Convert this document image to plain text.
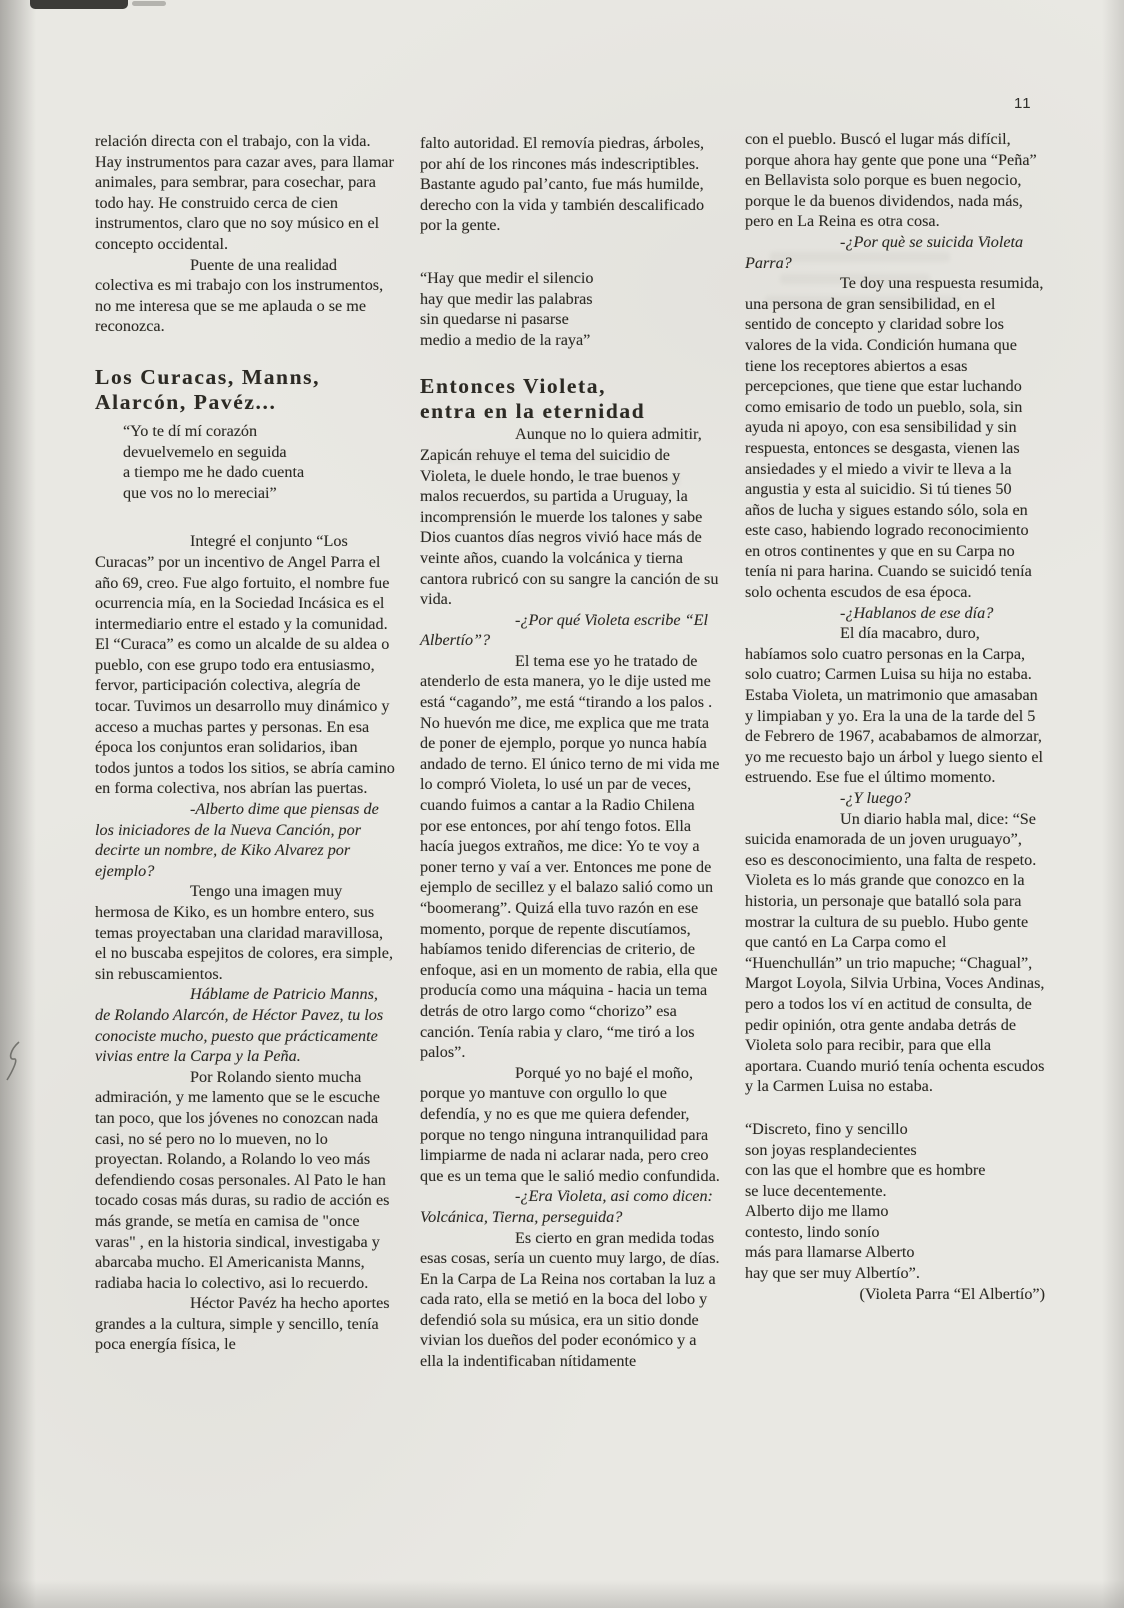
11

relación directa con el trabajo, con la vida. Hay instrumentos para cazar aves, para llamar animales, para sembrar, para cosechar, para todo hay. He construido cerca de cien instrumentos, claro que no soy músico en el concepto occidental.

Puente de una realidad colectiva es mi trabajo con los instrumentos, no me interesa que se me aplauda o se me reconozca.

Los Curacas, Manns,
Alarcón, Pavéz...
“Yo te dí mí corazón
devuelvemelo en seguida
a tiempo me he dado cuenta
que vos no lo mereciai”

Integré el conjunto “Los Curacas” por un incentivo de Angel Parra el año 69, creo. Fue algo fortuito, el nombre fue ocurrencia mía, en la Sociedad Incásica es el intermediario entre el estado y la comunidad. El “Curaca” es como un alcalde de su aldea o pueblo, con ese grupo todo era entusiasmo, fervor, participación colectiva, alegría de tocar. Tuvimos un desarrollo muy dinámico y acceso a muchas partes y personas. En esa época los conjuntos eran solidarios, iban todos juntos a todos los sitios, se abría camino en forma colectiva, nos abrían las puertas.

-Alberto dime que piensas de los iniciadores de la Nueva Canción, por decirte un nombre, de Kiko Alvarez por ejemplo?

Tengo una imagen muy hermosa de Kiko, es un hombre entero, sus temas proyectaban una claridad maravillosa, el no buscaba espejitos de colores, era simple, sin rebuscamientos.

Háblame de Patricio Manns, de Rolando Alarcón, de Héctor Pavez, tu los conociste mucho, puesto que prácticamente vivias entre la Carpa y la Peña.

Por Rolando siento mucha admiración, y me lamento que se le escuche tan poco, que los jóvenes no conozcan nada casi, no sé pero no lo mueven, no lo proyectan. Rolando, a Rolando lo veo más defendiendo cosas personales. Al Pato le han tocado cosas más duras, su radio de acción es más grande, se metía en camisa de "once varas" , en la historia sindical, investigaba y abarcaba mucho. El Americanista Manns, radiaba hacia lo colectivo, asi lo recuerdo.

Héctor Pavéz ha hecho aportes grandes a la cultura, simple y sencillo, tenía poca energía física, le

falto autoridad. El removía piedras, árboles, por ahí de los rincones más indescriptibles. Bastante agudo pal’canto, fue más humilde, derecho con la vida y también descalificado por la gente.

“Hay que medir el silencio
hay que medir las palabras
sin quedarse ni pasarse
medio a medio de la raya”
Entonces Violeta,
entra en la eternidad

Aunque no lo quiera admitir, Zapicán rehuye el tema del suicidio de Violeta, le duele hondo, le trae buenos y malos recuerdos, su partida a Uruguay, la incomprensión le muerde los talones y sabe Dios cuantos días negros vivió hace más de veinte años, cuando la volcánica y tierna cantora rubricó con su sangre la canción de su vida.

-¿Por qué Violeta escribe “El Albertío”?

El tema ese yo he tratado de atenderlo de esta manera, yo le dije usted me está “cagando”, me está “tirando a los palos . No huevón me dice, me explica que me trata de poner de ejemplo, porque yo nunca había andado de terno. El único terno de mi vida me lo compró Violeta, lo usé un par de veces, cuando fuimos a cantar a la Radio Chilena por ese entonces, por ahí tengo fotos. Ella hacía juegos extraños, me dice: Yo te voy a poner terno y vaí a ver. Entonces me pone de ejemplo de secillez y el balazo salió como un “boomerang”. Quizá ella tuvo razón en ese momento, porque de repente discutíamos, habíamos tenido diferencias de criterio, de enfoque, asi en un momento de rabia, ella que producía como una máquina - hacia un tema detrás de otro largo como “chorizo” esa canción. Tenía rabia y claro, “me tiró a los palos”.

Porqué yo no bajé el moño, porque yo mantuve con orgullo lo que defendía, y no es que me quiera defender, porque no tengo ninguna intranquilidad para limpiarme de nada ni aclarar nada, pero creo que es un tema que le salió medio confundida.

-¿Era Violeta, asi como dicen: Volcánica, Tierna, perseguida?

Es cierto en gran medida todas esas cosas, sería un cuento muy largo, de días. En la Carpa de La Reina nos cortaban la luz a cada rato, ella se metió en la boca del lobo y defendió sola su música, era un sitio donde vivian los dueños del poder económico y a ella la indentificaban nítidamente

con el pueblo. Buscó el lugar más difícil, porque ahora hay gente que pone una “Peña” en Bellavista solo porque es buen negocio, porque le da buenos dividendos, nada más, pero en La Reina es otra cosa.

-¿Por què se suicida Violeta Parra?

Te doy una respuesta resumida, una persona de gran sensibilidad, en el sentido de concepto y claridad sobre los valores de la vida. Condición humana que tiene los receptores abiertos a esas percepciones, que tiene que estar luchando como emisario de todo un pueblo, sola, sin ayuda ni apoyo, con esa sensibilidad y sin respuesta, entonces se desgasta, vienen las ansiedades y el miedo a vivir te lleva a la angustia y esta al suicidio. Si tú tienes 50 años de lucha y sigues estando sólo, sola en este caso, habiendo logrado reconocimiento en otros continentes y que en su Carpa no tenía ni para harina. Cuando se suicidó tenía solo ochenta escudos de esa época.

-¿Hablanos de ese día?

El día macabro, duro, habíamos solo cuatro personas en la Carpa, solo cuatro; Carmen Luisa su hija no estaba. Estaba Violeta, un matrimonio que amasaban y limpiaban y yo. Era la una de la tarde del 5 de Febrero de 1967, acababamos de almorzar, yo me recuesto bajo un árbol y luego siento el estruendo. Ese fue el último momento.

-¿Y luego?

Un diario habla mal, dice: “Se suicida enamorada de un joven uruguayo”, eso es desconocimiento, una falta de respeto. Violeta es lo más grande que conozco en la historia, un personaje que batalló sola para mostrar la cultura de su pueblo. Hubo gente que cantó en La Carpa como el “Huenchullán” un trio mapuche; “Chagual”, Margot Loyola, Silvia Urbina, Voces Andinas, pero a todos los ví en actitud de consulta, de pedir opinión, otra gente andaba detrás de Violeta solo para recibir, para que ella aportara. Cuando murió tenía ochenta escudos y la Carmen Luisa no estaba.

“Discreto, fino y sencillo
son joyas resplandecientes
con las que el hombre que es hombre
se luce decentemente.
Alberto dijo me llamo
contesto, lindo sonío
más para llamarse Alberto
hay que ser muy Albertío”.

(Violeta Parra “El Albertío”)
